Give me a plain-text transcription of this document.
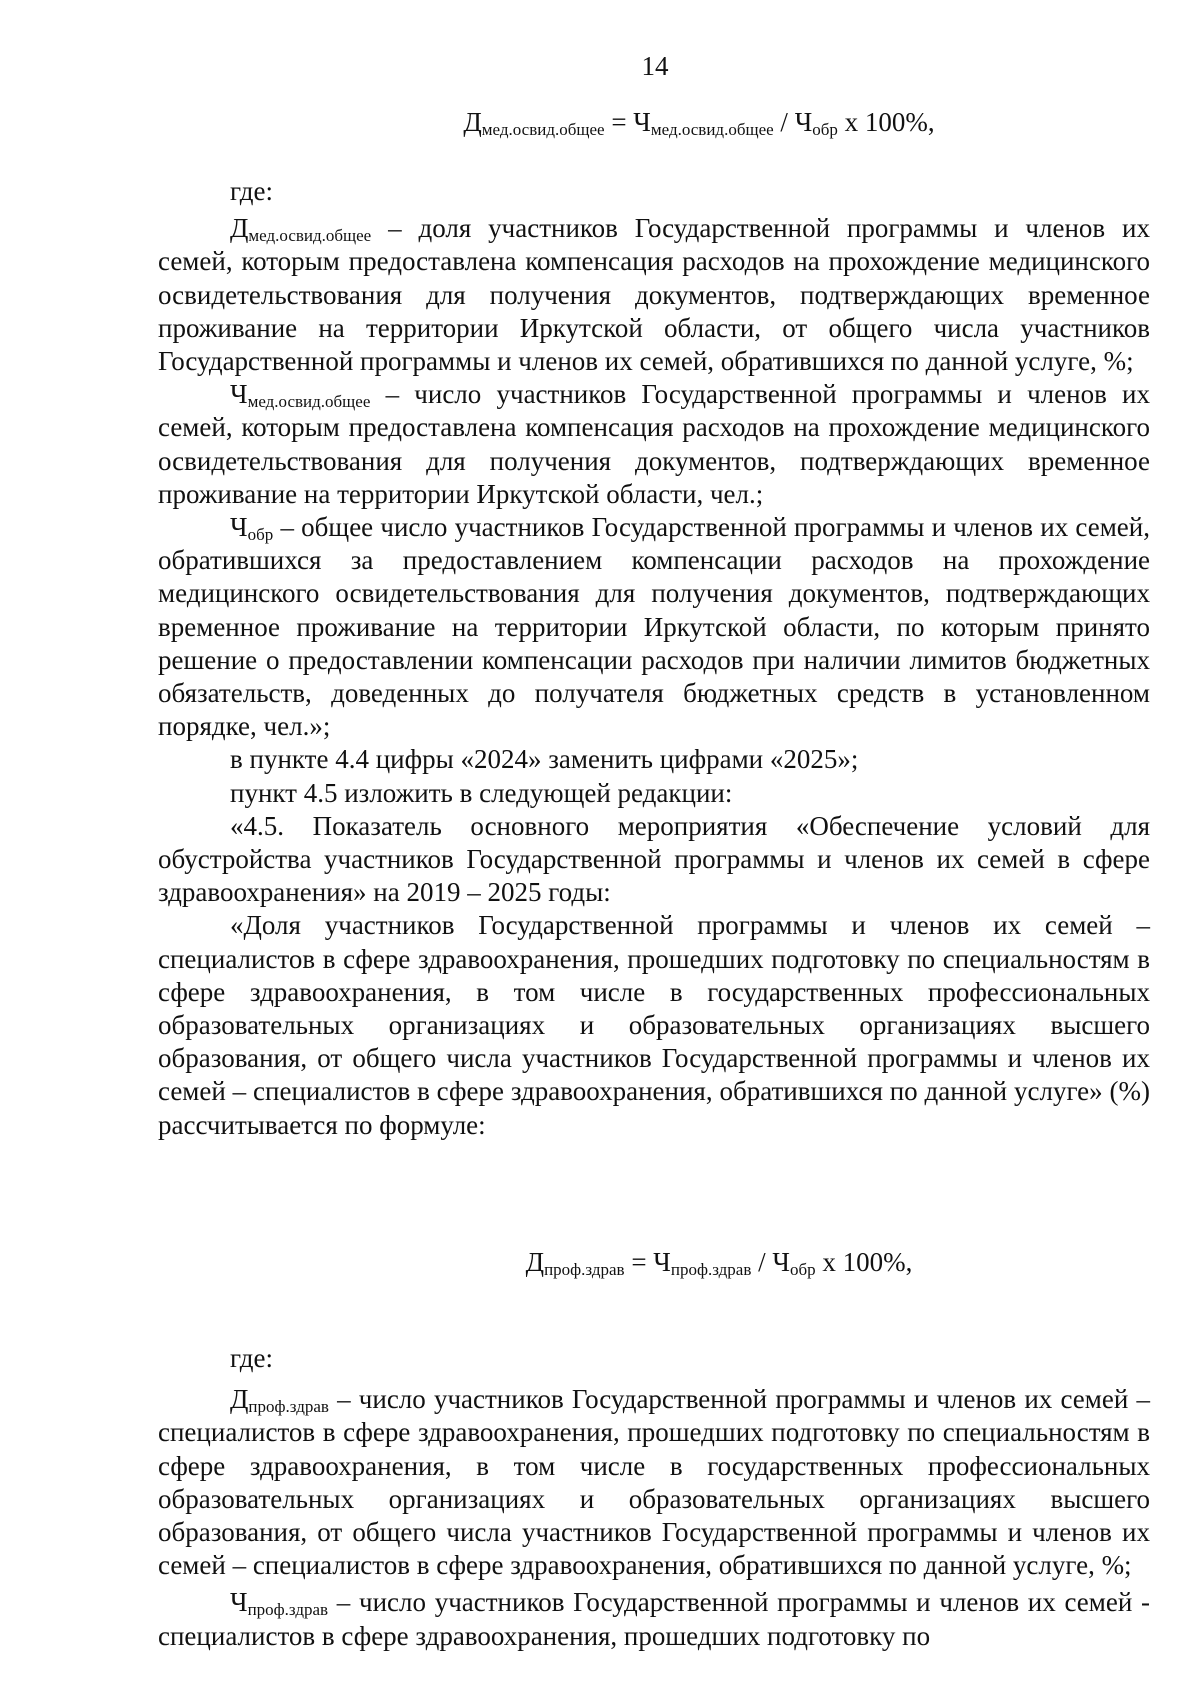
14
$Д_{мед.освид.общее} = Ч_{мед.освид.общее} / Ч_{обр}$ х 100%,

где:

$Д_{мед.освид.общее}$ – доля участников Государственной программы и членов их семей, которым предоставлена компенсация расходов на прохождение медицинского освидетельствования для получения документов, подтверждающих временное проживание на территории Иркутской области, от общего числа участников Государственной программы и членов их семей, обратившихся по данной услуге, %;

$Ч_{мед.освид.общее}$ – число участников Государственной программы и членов их семей, которым предоставлена компенсация расходов на прохождение медицинского освидетельствования для получения документов, подтверждающих временное проживание на территории Иркутской области, чел.;

$Ч_{обр}$ – общее число участников Государственной программы и членов их семей, обратившихся за предоставлением компенсации расходов на прохождение медицинского освидетельствования для получения документов, подтверждающих временное проживание на территории Иркутской области, по которым принято решение о предоставлении компенсации расходов при наличии лимитов бюджетных обязательств, доведенных до получателя бюджетных средств в установленном порядке, чел.»;

в пункте 4.4 цифры «2024» заменить цифрами «2025»;

пункт 4.5 изложить в следующей редакции:

«4.5. Показатель основного мероприятия «Обеспечение условий для обустройства участников Государственной программы и членов их семей в сфере здравоохранения» на 2019 – 2025 годы:

«Доля участников Государственной программы и членов их семей – специалистов в сфере здравоохранения, прошедших подготовку по специальностям в сфере здравоохранения, в том числе в государственных профессиональных образовательных организациях и образовательных организациях высшего образования, от общего числа участников Государственной программы и членов их семей – специалистов в сфере здравоохранения, обратившихся по данной услуге» (%) рассчитывается по формуле:

$Д_{проф.здрав} = Ч_{проф.здрав} / Ч_{обр}$ х 100%,

где:

$Д_{проф.здрав}$ – число участников Государственной программы и членов их семей – специалистов в сфере здравоохранения, прошедших подготовку по специальностям в сфере здравоохранения, в том числе в государственных профессиональных образовательных организациях и образовательных организациях высшего образования, от общего числа участников Государственной программы и членов их семей – специалистов в сфере здравоохранения, обратившихся по данной услуге, %;

$Ч_{проф.здрав}$ – число участников Государственной программы и членов их семей - специалистов в сфере здравоохранения, прошедших подготовку по
